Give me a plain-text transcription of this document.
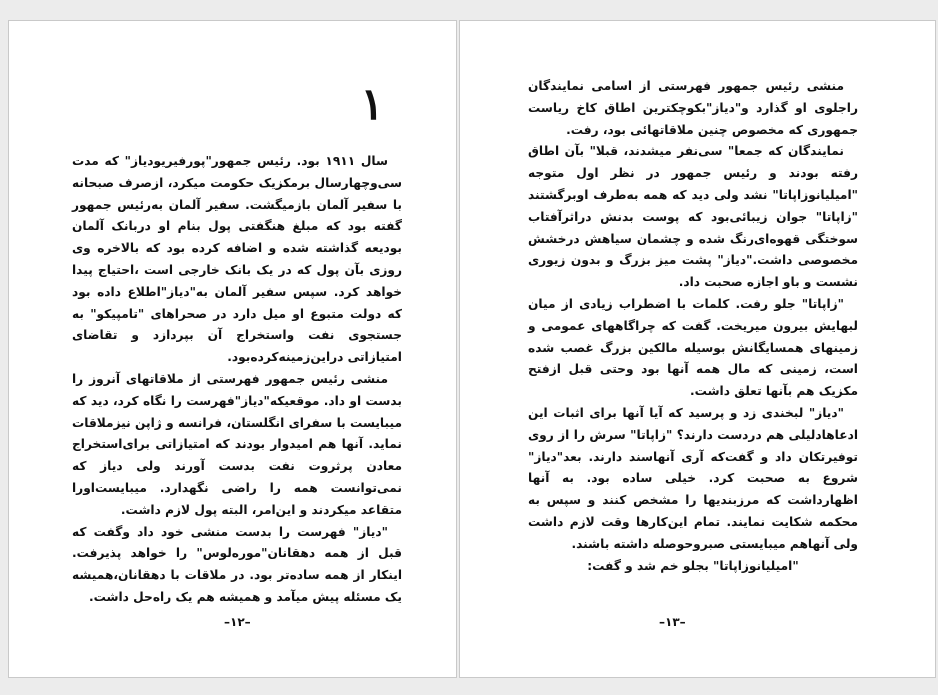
۱

سال ۱۹۱۱ بود. رئیس جمهور"پورفیریودیاز" که مدت سی‌وچهارسال برمکزیک حکومت میکرد، ازصرف صبحانه با سفیر آلمان بازمیگشت. سفیر آلمان به‌رئیس جمهور گفته بود که مبلغ هنگفتی پول بنام او دربانک آلمان بودیعه گذاشته شده و اضافه کرده بود که بالاخره وی روزی بآن پول که در یک بانک خارجی است ،احتیاج پیدا خواهد کرد. سپس سفیر آلمان به"دیاز"اطلاع داده بود که دولت متبوع او میل دارد در صحراهای "تامپیکو" به جستجوی نفت واستخراج آن بپردازد و تقاضای امتیازاتی دراین‌زمینه‌کرده‌بود.

منشی رئیس جمهور فهرستی از ملاقاتهای آنروز را بدست او داد. موقعیکه"دیاز"فهرست را نگاه کرد، دید که میبایست با سفرای انگلستان، فرانسه و ژاپن نیزملاقات نماید. آنها هم امیدوار بودند که امتیازاتی برای‌استخراج معادن پرثروت نفت بدست آورند ولی دیاز که نمی‌توانست همه را راضی نگهدارد. میبایست‌اورا متقاعد میکردند و این‌امر، البته پول لازم داشت.

"دیاز" فهرست را بدست منشی خود داد وگفت که قبل از همه دهقانان"مورەلوس" را خواهد پذیرفت. اینکار از همه ساده‌تر بود. در ملاقات با دهقانان،همیشه یک مسئله پیش میآمد و همیشه هم یک راه‌حل داشت.

–۱۲–

منشی رئیس جمهور فهرستی از اسامی نمایندگان راجلوی او گذارد و"دیاز"بکوچکترین اطاق کاخ ریاست جمهوری که مخصوص چنین ملاقاتهائی بود، رفت.

نمایندگان که جمعا" سی‌نفر میشدند، قبلا" بآن اطاق رفته بودند و رئیس جمهور در نظر اول متوجه "امیلیانوزاپاتا" نشد ولی دید که همه به‌طرف اوبرگشتند "زاپاتا" جوان زیبائی‌بود که پوست بدنش دراثرآفتاب سوختگی قهوه‌ای‌رنگ شده و چشمان سیاهش درخشش مخصوصی داشت."دیاز" پشت میز بزرگ و بدون زیوری نشست و باو اجازه صحبت داد.

"زاپاتا" جلو رفت. کلمات با اضطراب زیادی از میان لبهایش بیرون میریخت. گفت که چراگاههای عمومی و زمینهای همسایگانش بوسیله مالکین بزرگ غصب شده است، زمینی که مال همه آنها بود وحتی قبل ازفتح مکزیک هم بآنها تعلق داشت.

"دیاز" لبخندی زد و پرسید که آیا آنها برای اثبات این ادعاهادلیلی هم دردست دارند؟ "زاپاتا" سرش را از روی توفیرتکان داد و گفت‌که آری آنهاسند دارند. بعد"دیاز" شروع به صحبت کرد. خیلی ساده بود. به آنها اظهارداشت که مرزبندیها را مشخص کنند و سپس به محکمه شکایت نمایند. تمام این‌کارها وقت لازم داشت ولی آنهاهم میبایستی صبروحوصله داشته باشند.

"امیلیانوزاپاتا" بجلو خم شد و گفت:

–۱۳–
